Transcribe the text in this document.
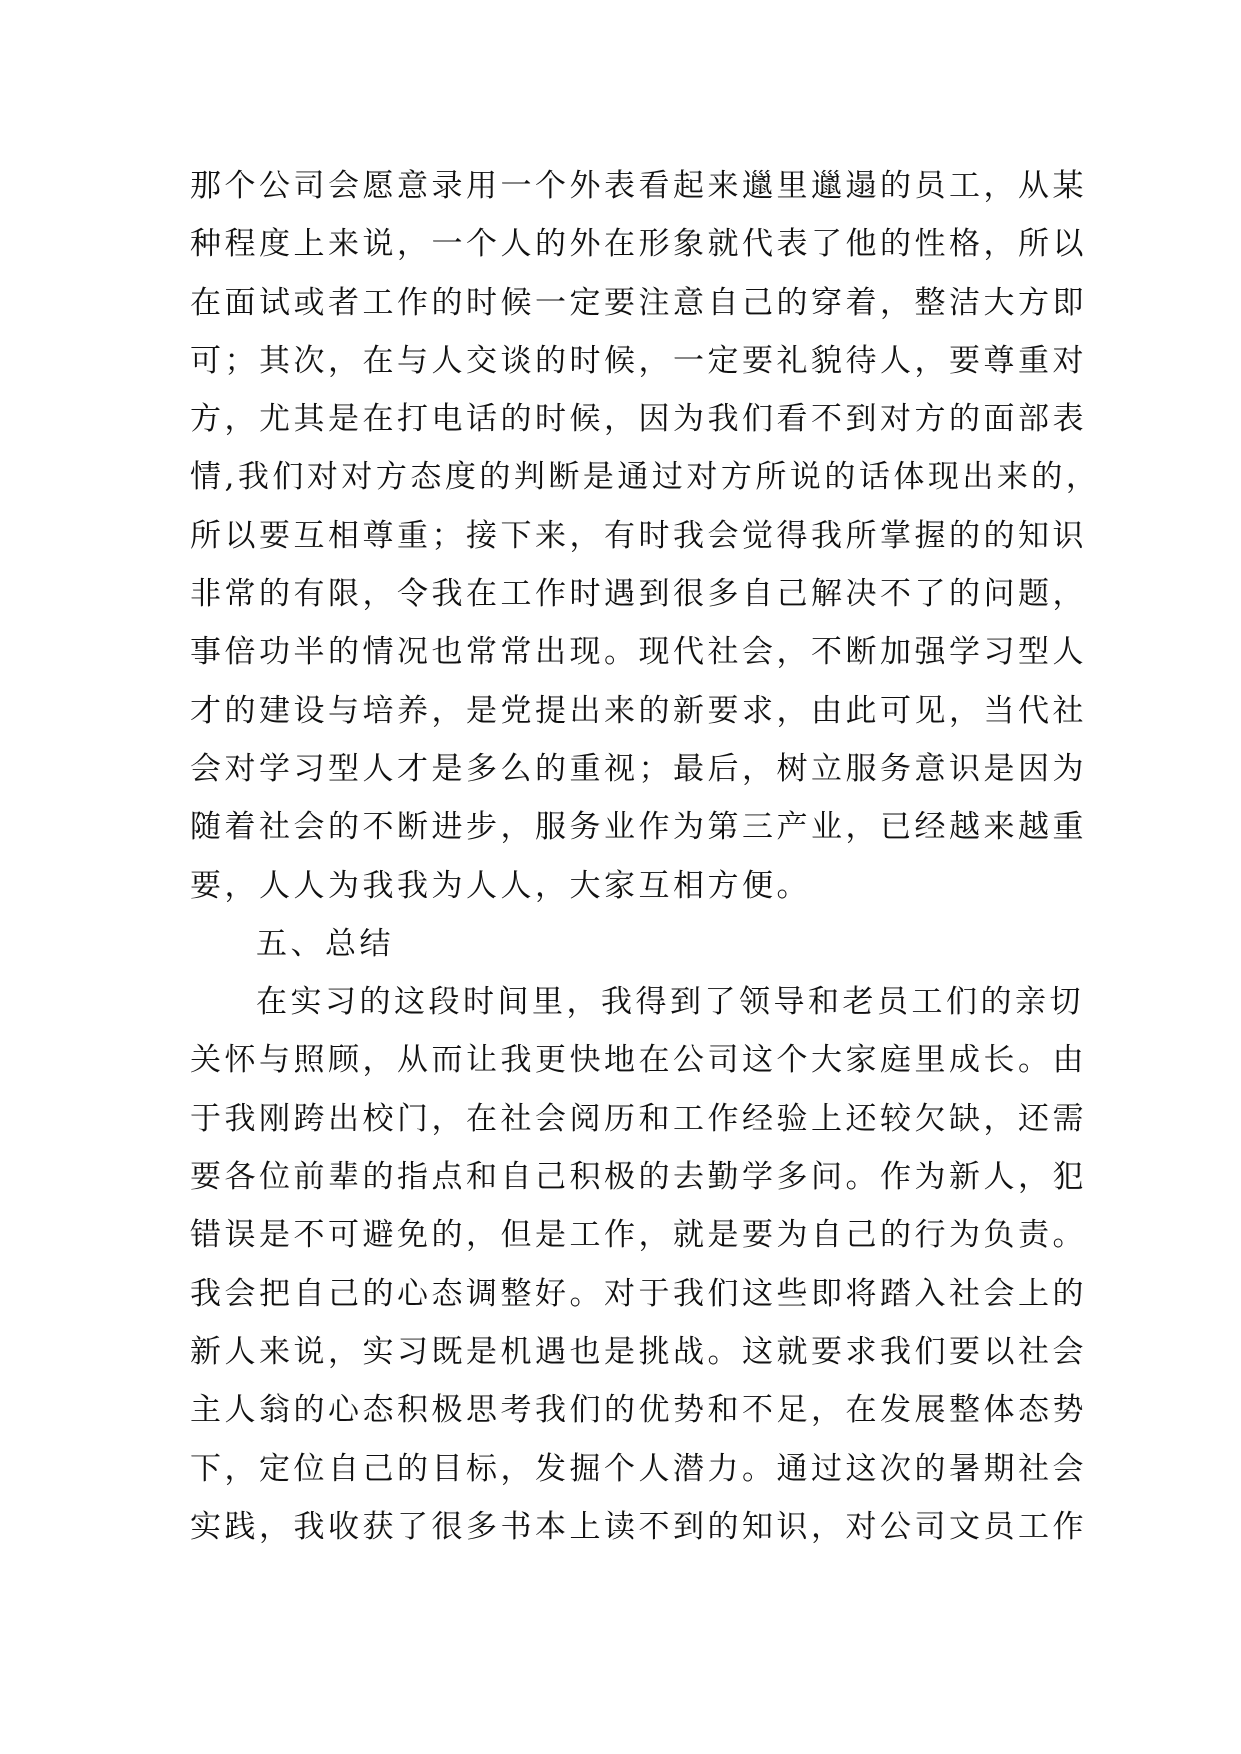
那个公司会愿意录用一个外表看起来邋里邋遢的员工，从某
种程度上来说，一个人的外在形象就代表了他的性格，所以
在面试或者工作的时候一定要注意自己的穿着，整洁大方即
可；其次，在与人交谈的时候，一定要礼貌待人，要尊重对
方，尤其是在打电话的时候，因为我们看不到对方的面部表
情,我们对对方态度的判断是通过对方所说的话体现出来的，
所以要互相尊重；接下来，有时我会觉得我所掌握的的知识
非常的有限，令我在工作时遇到很多自己解决不了的问题，
事倍功半的情况也常常出现。现代社会，不断加强学习型人
才的建设与培养，是党提出来的新要求，由此可见，当代社
会对学习型人才是多么的重视；最后，树立服务意识是因为
随着社会的不断进步，服务业作为第三产业，已经越来越重
要，人人为我我为人人，大家互相方便。
五、总结
在实习的这段时间里，我得到了领导和老员工们的亲切
关怀与照顾，从而让我更快地在公司这个大家庭里成长。由
于我刚跨出校门，在社会阅历和工作经验上还较欠缺，还需
要各位前辈的指点和自己积极的去勤学多问。作为新人，犯
错误是不可避免的，但是工作，就是要为自己的行为负责。
我会把自己的心态调整好。对于我们这些即将踏入社会上的
新人来说，实习既是机遇也是挑战。这就要求我们要以社会
主人翁的心态积极思考我们的优势和不足，在发展整体态势
下，定位自己的目标，发掘个人潜力。通过这次的暑期社会
实践，我收获了很多书本上读不到的知识，对公司文员工作
